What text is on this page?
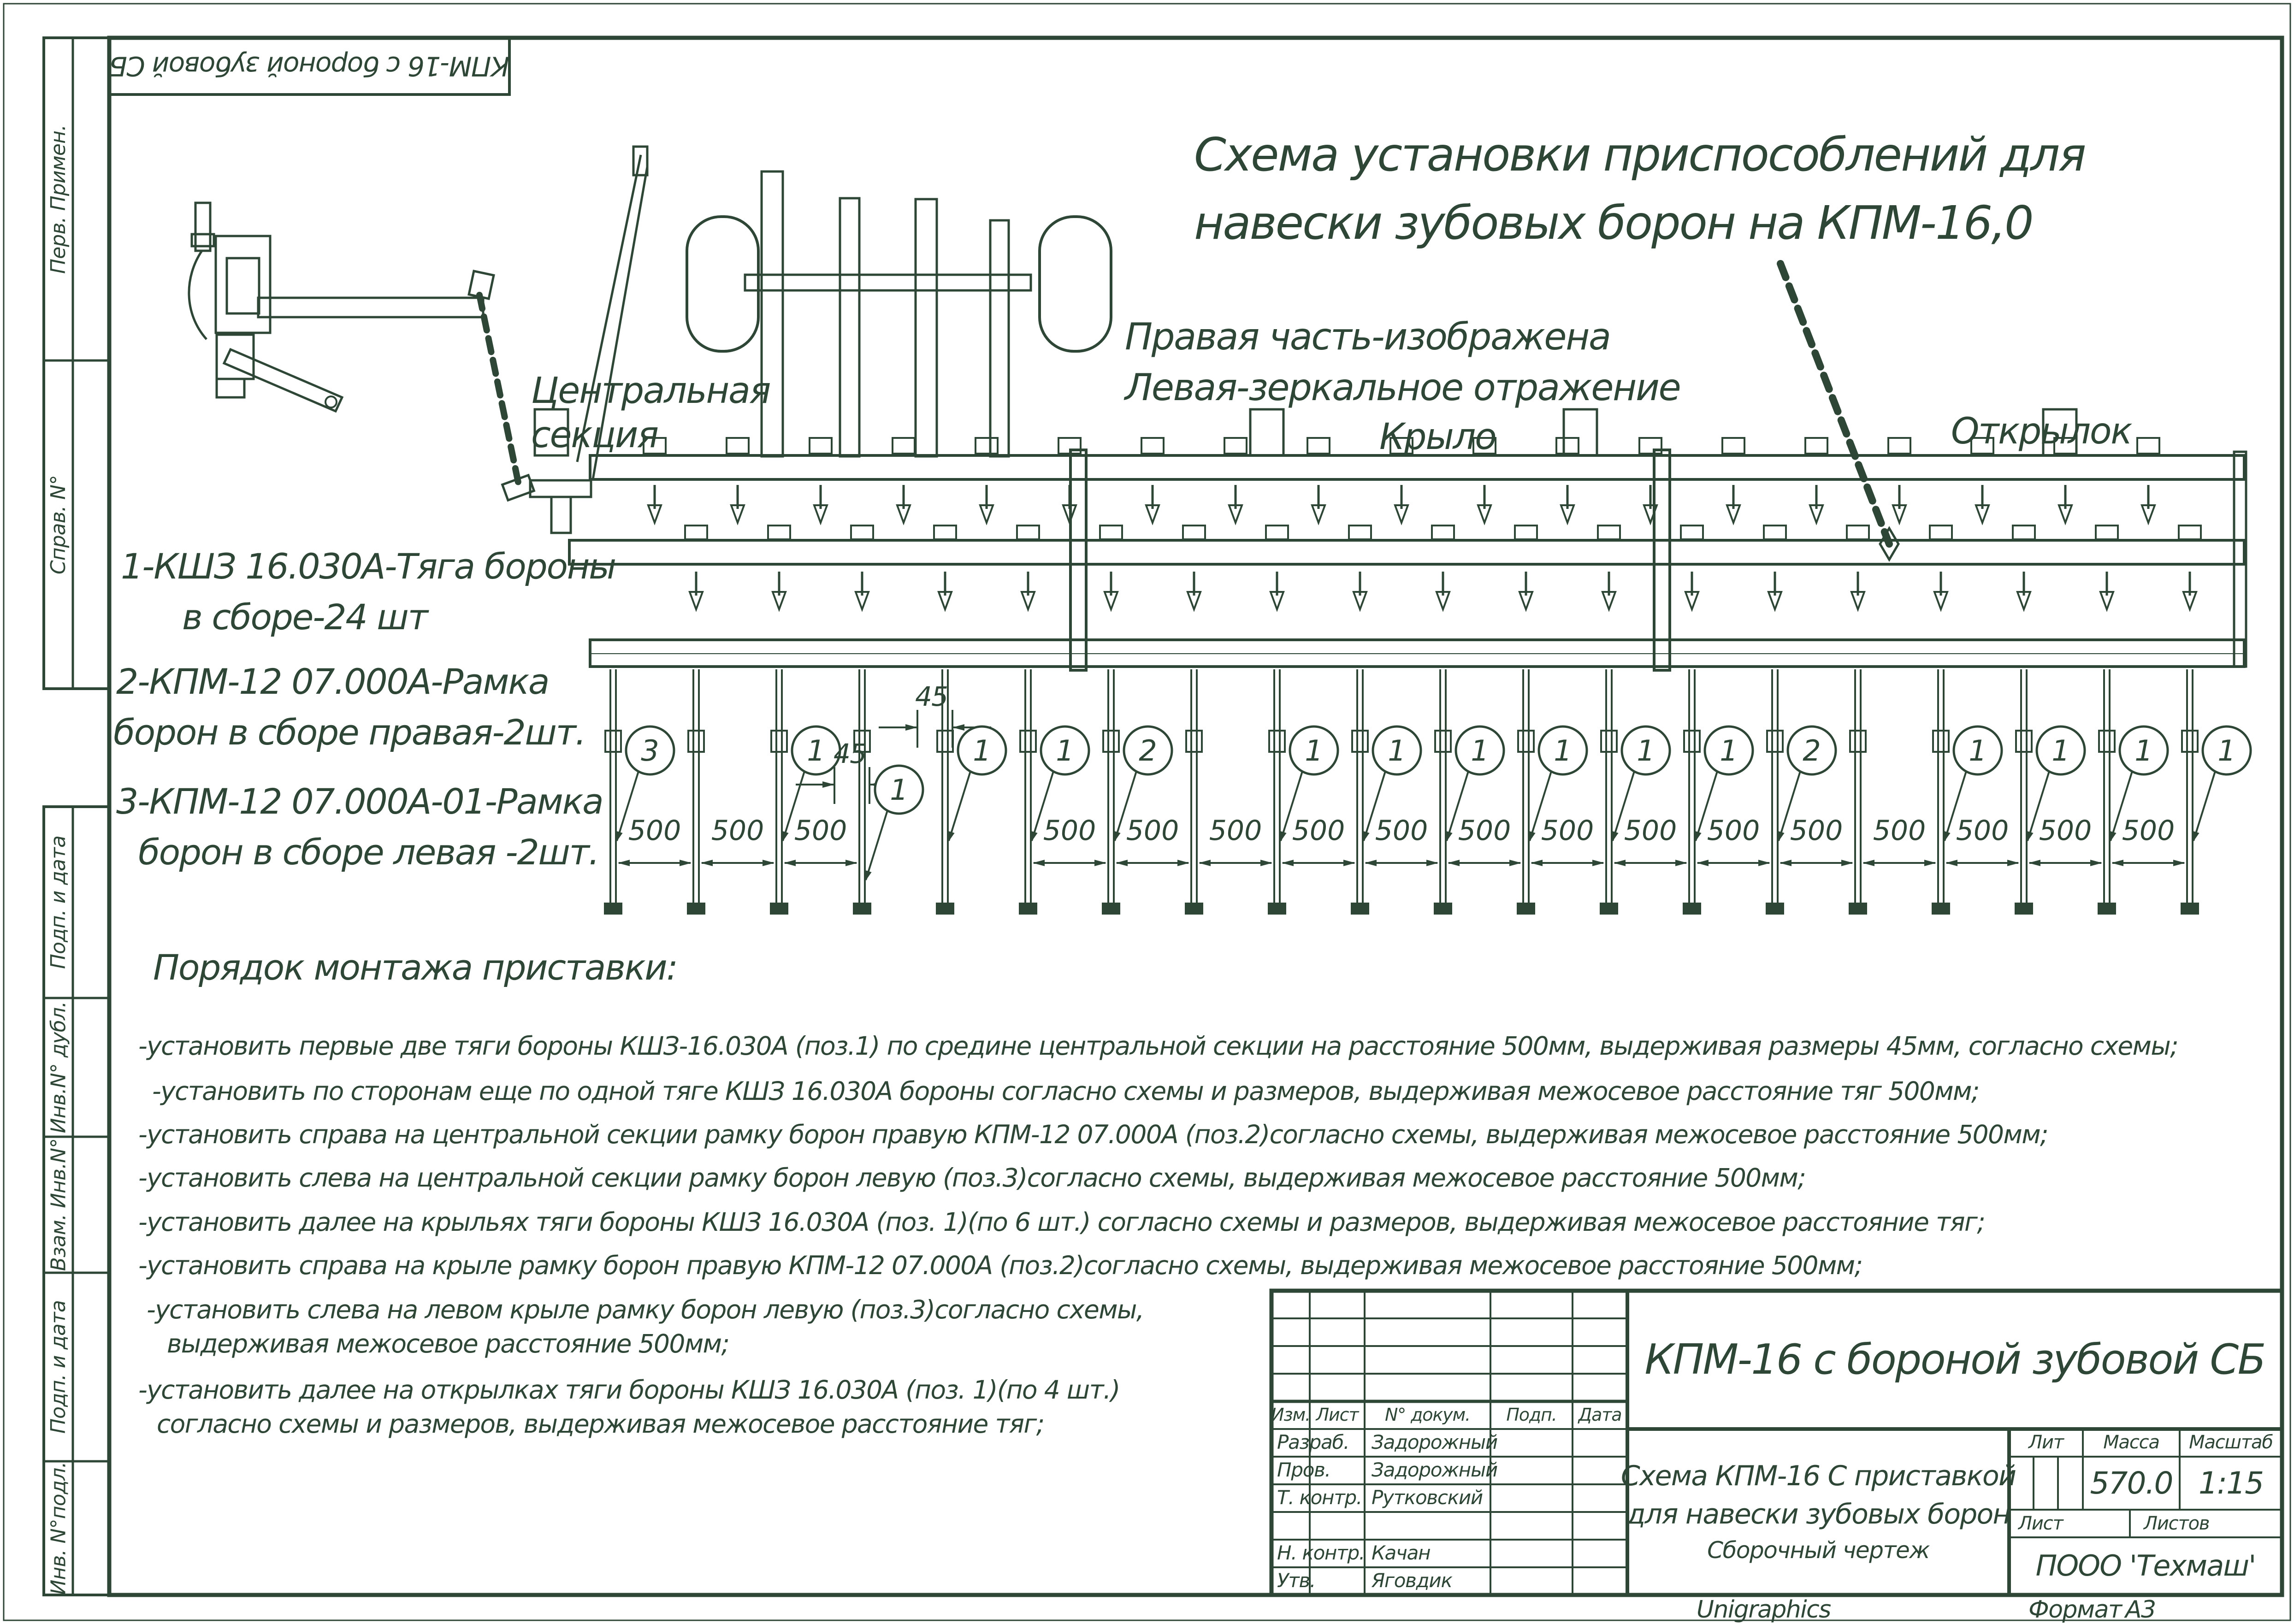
500 500 500	500 500 500 500 500 500 500 500 500 500 500 500 500 500
3	1
1
1 1 2	1 1 1 1 1 1 2	1 1 1 1
КПМ-16 с бороной зубовой СБ
Перв. Примен.
Справ. N°
Подп. и дата
Инв.N° дубл.
Взам. Инв.N°
Подп. и дата
Инв. N°подл.
Схема установки приспособлений для
навески зубовых борон на КПМ-16,0
Правая часть-изображена
Левая-зеркальное отражение
Центральная
секция	Крыло	Открылок
45
45
1-КШЗ 16.030А-Тяга бороны
в сборе-24 шт
2-КПМ-12 07.000А-Рамка
борон в сборе правая-2шт.
3-КПМ-12 07.000А-01-Рамка
борон в сборе левая -2шт.
Порядок монтажа приставки:
-установить первые две тяги бороны КШЗ-16.030А (поз.1) по средине центральной секции на расстояние 500мм, выдерживая размеры 45мм, согласно схемы;
-установить по сторонам еще по одной тяге КШЗ 16.030А бороны согласно схемы и размеров, выдерживая межосевое расстояние тяг 500мм;
-установить справа на центральной секции рамку борон правую КПМ-12 07.000А (поз.2)согласно схемы, выдерживая межосевое расстояние 500мм;
-установить слева на центральной секции рамку борон левую (поз.3)согласно схемы, выдерживая межосевое расстояние 500мм;
-установить далее на крыльях тяги бороны КШЗ 16.030А (поз. 1)(по 6 шт.) согласно схемы и размеров, выдерживая межосевое расстояние тяг;
-установить справа на крыле рамку борон правую КПМ-12 07.000А (поз.2)согласно схемы, выдерживая межосевое расстояние 500мм;
-установить слева на левом крыле рамку борон левую (поз.3)согласно схемы,
выдерживая межосевое расстояние 500мм;
-установить далее на открылках тяги бороны КШЗ 16.030А (поз. 1)(по 4 шт.)
согласно схемы и размеров, выдерживая межосевое расстояние тяг;
КПМ-16 с бороной зубовой СБ
Схема КПМ-16 С приставкой
для навески зубовых борон
Сборочный чертеж
Изм. Лист N° докум. Подп. Дата
Разраб. Задорожный
Пров. Задорожный
Т. контр. Рутковский
Н. контр. Качан
Утв.	Яговдик
Лит Масса Масштаб
570.0 1:15
Лист	Листов
ПООО 'Техмаш'
Unigraphics	Формат А3
